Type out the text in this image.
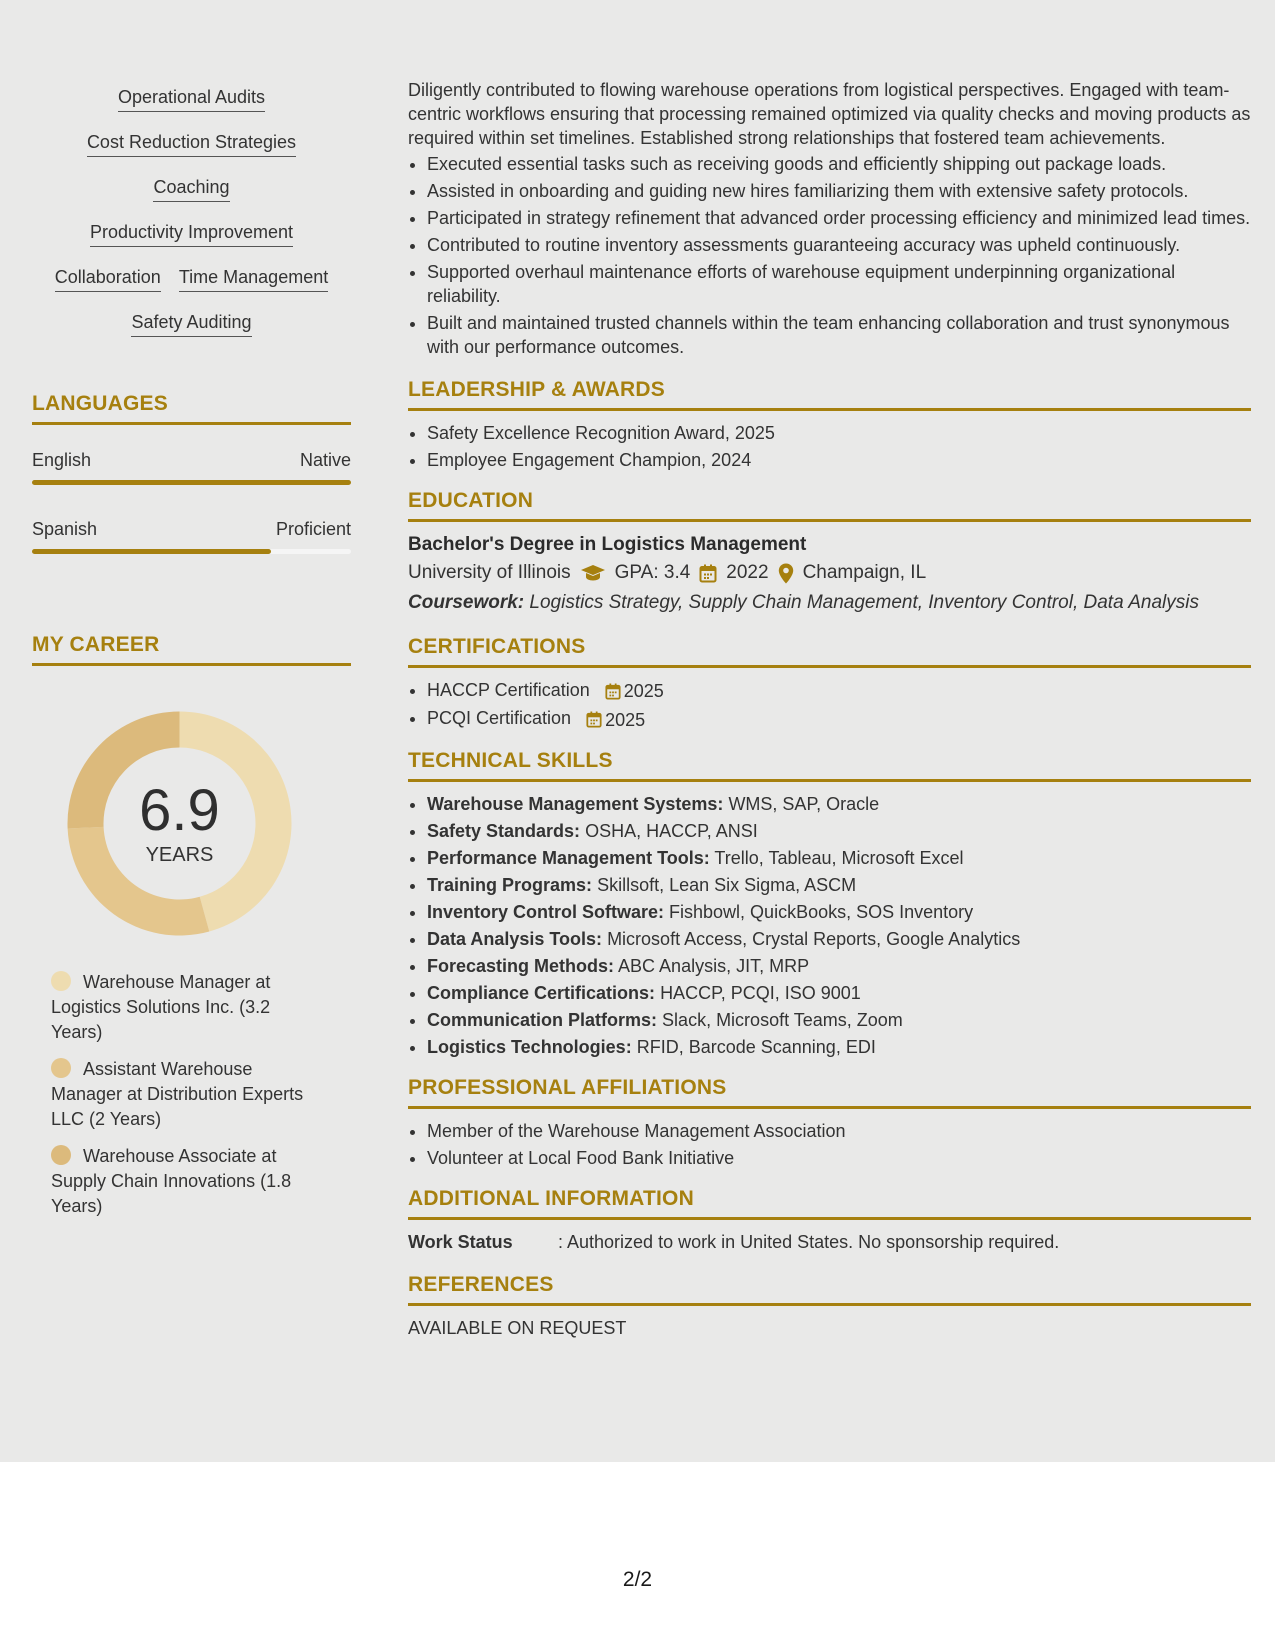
Operational Audits
Cost Reduction Strategies
Coaching
Productivity Improvement
Collaboration Time Management
Safety Auditing
LANGUAGES
English	Native
Spanish	Proficient
MY CAREER
6.9
YEARS
Warehouse Manager at Logistics Solutions Inc. (3.2 Years)
Assistant Warehouse Manager at Distribution Experts LLC (2 Years)
Warehouse Associate at Supply Chain Innovations (1.8 Years)

Diligently contributed to flowing warehouse operations from logistical perspectives. Engaged with team-centric workflows ensuring that processing remained optimized via quality checks and moving products as required within set timelines. Established strong relationships that fostered team achievements.

• Executed essential tasks such as receiving goods and efficiently shipping out package loads.
• Assisted in onboarding and guiding new hires familiarizing them with extensive safety protocols.
• Participated in strategy refinement that advanced order processing efficiency and minimized lead times.
• Contributed to routine inventory assessments guaranteeing accuracy was upheld continuously.
• Supported overhaul maintenance efforts of warehouse equipment underpinning organizational reliability.
• Built and maintained trusted channels within the team enhancing collaboration and trust synonymous with our performance outcomes.
LEADERSHIP & AWARDS
• Safety Excellence Recognition Award, 2025
• Employee Engagement Champion, 2024
EDUCATION
Bachelor's Degree in Logistics Management
University of Illinois GPA: 3.4 2022 Champaign, IL
Coursework: Logistics Strategy, Supply Chain Management, Inventory Control, Data Analysis
CERTIFICATIONS
• HACCP Certification 2025
• PCQI Certification 2025
TECHNICAL SKILLS
• Warehouse Management Systems: WMS, SAP, Oracle
• Safety Standards: OSHA, HACCP, ANSI
• Performance Management Tools: Trello, Tableau, Microsoft Excel
• Training Programs: Skillsoft, Lean Six Sigma, ASCM
• Inventory Control Software: Fishbowl, QuickBooks, SOS Inventory
• Data Analysis Tools: Microsoft Access, Crystal Reports, Google Analytics
• Forecasting Methods: ABC Analysis, JIT, MRP
• Compliance Certifications: HACCP, PCQI, ISO 9001
• Communication Platforms: Slack, Microsoft Teams, Zoom
• Logistics Technologies: RFID, Barcode Scanning, EDI
PROFESSIONAL AFFILIATIONS
• Member of the Warehouse Management Association
• Volunteer at Local Food Bank Initiative
ADDITIONAL INFORMATION
Work Status	: Authorized to work in United States. No sponsorship required.
REFERENCES
AVAILABLE ON REQUEST
2/2
